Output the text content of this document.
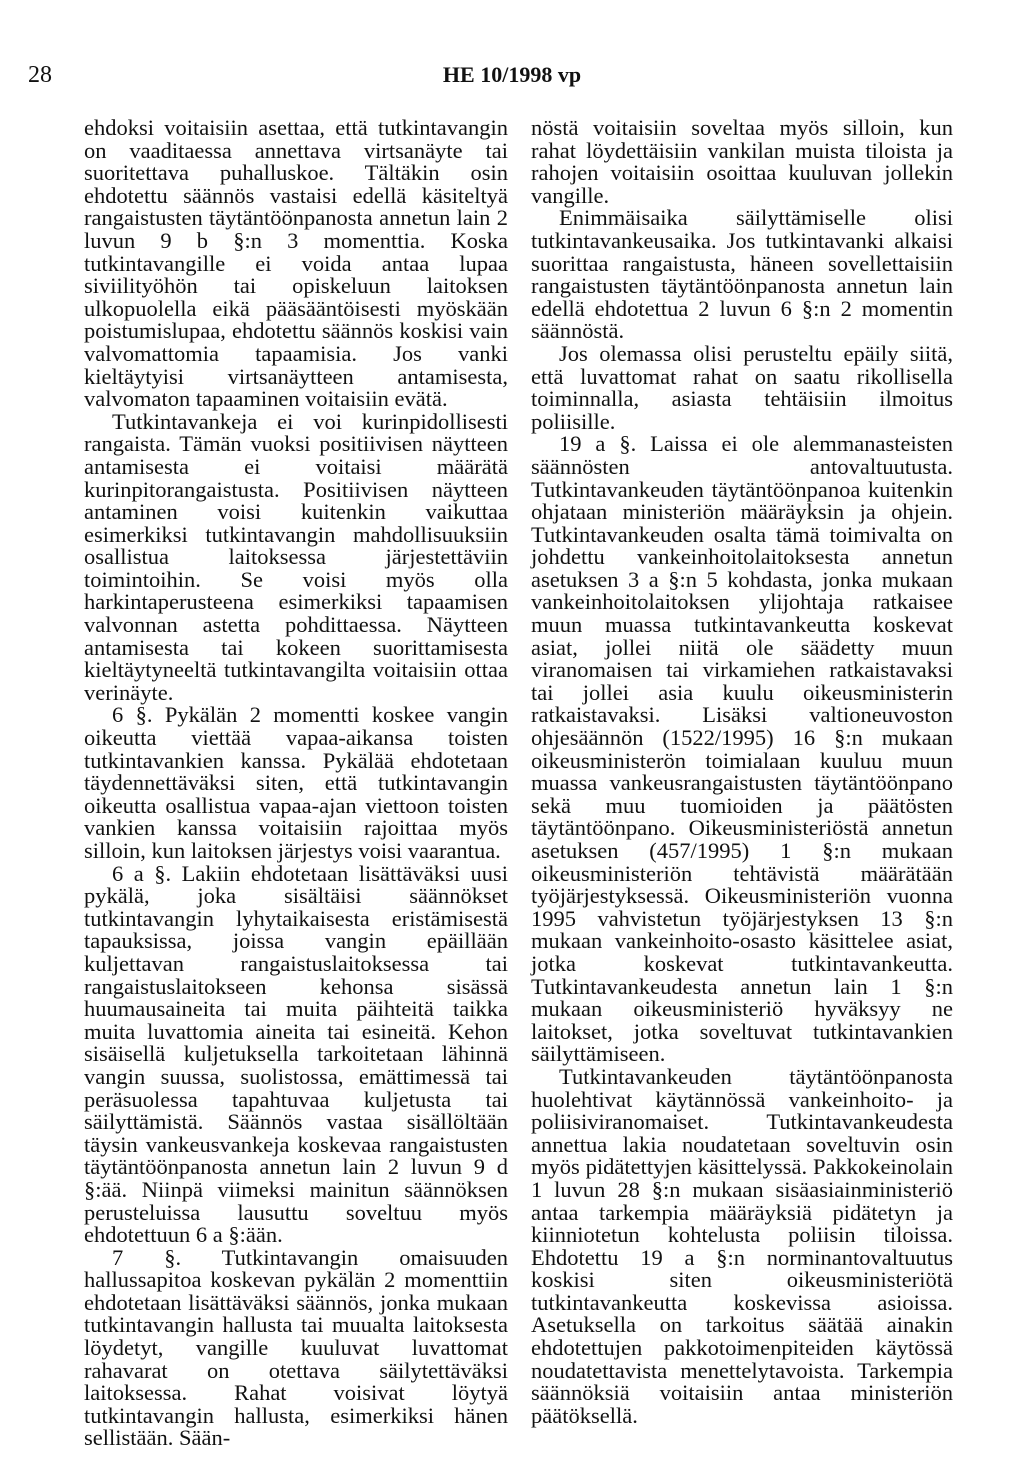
28	HE 10/1998 vp

ehdoksi voitaisiin asettaa, että tutkintavangin on vaaditaessa annettava virtsanäyte tai suoritettava puhalluskoe. Tältäkin osin ehdotettu säännös vastaisi edellä käsiteltyä rangaistusten täytäntöönpanosta annetun lain 2 luvun 9 b §:n 3 momenttia. Koska tutkintavangille ei voida antaa lupaa siviilityöhön tai opiskeluun laitoksen ulkopuolella eikä pääsääntöisesti myöskään poistumislupaa, ehdotettu säännös koskisi vain valvomattomia tapaamisia. Jos vanki kieltäytyisi virtsanäytteen antamisesta, valvomaton tapaaminen voitaisiin evätä.

Tutkintavankeja ei voi kurinpidollisesti rangaista. Tämän vuoksi positiivisen näytteen antamisesta ei voitaisi määrätä kurinpitorangaistusta. Positiivisen näytteen antaminen voisi kuitenkin vaikuttaa esimerkiksi tutkintavangin mahdollisuuksiin osallistua laitoksessa järjestettäviin toimintoihin. Se voisi myös olla harkintaperusteena esimerkiksi tapaamisen valvonnan astetta pohdittaessa. Näytteen antamisesta tai kokeen suorittamisesta kieltäytyneeltä tutkintavangilta voitaisiin ottaa verinäyte.

6 §. Pykälän 2 momentti koskee vangin oikeutta viettää vapaa-aikansa toisten tutkintavankien kanssa. Pykälää ehdotetaan täydennettäväksi siten, että tutkintavangin oikeutta osallistua vapaa-ajan viettoon toisten vankien kanssa voitaisiin rajoittaa myös silloin, kun laitoksen järjestys voisi vaarantua.

6 a §. Lakiin ehdotetaan lisättäväksi uusi pykälä, joka sisältäisi säännökset tutkintavangin lyhytaikaisesta eristämisestä tapauksissa, joissa vangin epäillään kuljettavan rangaistuslaitoksessa tai rangaistuslaitokseen kehonsa sisässä huumausaineita tai muita päihteitä taikka muita luvattomia aineita tai esineitä. Kehon sisäisellä kuljetuksella tarkoitetaan lähinnä vangin suussa, suolistossa, emättimessä tai peräsuolessa tapahtuvaa kuljetusta tai säilyttämistä. Säännös vastaa sisällöltään täysin vankeusvankeja koskevaa rangaistusten täytäntöönpanosta annetun lain 2 luvun 9 d §:ää. Niinpä viimeksi mainitun säännöksen perusteluissa lausuttu soveltuu myös ehdotettuun 6 a §:ään.

7 §. Tutkintavangin omaisuuden hallussapitoa koskevan pykälän 2 momenttiin ehdotetaan lisättäväksi säännös, jonka mukaan tutkintavangin hallusta tai muualta laitoksesta löydetyt, vangille kuuluvat luvattomat rahavarat on otettava säilytettäväksi laitoksessa. Rahat voisivat löytyä tutkintavangin hallusta, esimerkiksi hänen sellistään. Sään-

nöstä voitaisiin soveltaa myös silloin, kun rahat löydettäisiin vankilan muista tiloista ja rahojen voitaisiin osoittaa kuuluvan jollekin vangille.

Enimmäisaika säilyttämiselle olisi tutkintavankeusaika. Jos tutkintavanki alkaisi suorittaa rangaistusta, häneen sovellettaisiin rangaistusten täytäntöönpanosta annetun lain edellä ehdotettua 2 luvun 6 §:n 2 momentin säännöstä.

Jos olemassa olisi perusteltu epäily siitä, että luvattomat rahat on saatu rikollisella toiminnalla, asiasta tehtäisiin ilmoitus poliisille.

19 a §. Laissa ei ole alemmanasteisten säännösten antovaltuutusta. Tutkintavankeuden täytäntöönpanoa kuitenkin ohjataan ministeriön määräyksin ja ohjein. Tutkintavankeuden osalta tämä toimivalta on johdettu vankeinhoitolaitoksesta annetun asetuksen 3 a §:n 5 kohdasta, jonka mukaan vankeinhoitolaitoksen ylijohtaja ratkaisee muun muassa tutkintavankeutta koskevat asiat, jollei niitä ole säädetty muun viranomaisen tai virkamiehen ratkaistavaksi tai jollei asia kuulu oikeusministerin ratkaistavaksi. Lisäksi valtioneuvoston ohjesäännön (1522/1995) 16 §:n mukaan oikeusministerön toimialaan kuuluu muun muassa vankeusrangaistusten täytäntöönpano sekä muu tuomioiden ja päätösten täytäntöönpano. Oikeusministeriöstä annetun asetuksen (457/1995) 1 §:n mukaan oikeusministeriön tehtävistä määrätään työjärjestyksessä. Oikeusministeriön vuonna 1995 vahvistetun työjärjestyksen 13 §:n mukaan vankeinhoito-osasto käsittelee asiat, jotka koskevat tutkintavankeutta. Tutkintavankeudesta annetun lain 1 §:n mukaan oikeusministeriö hyväksyy ne laitokset, jotka soveltuvat tutkintavankien säilyttämiseen.

Tutkintavankeuden täytäntöönpanosta huolehtivat käytännössä vankeinhoito- ja poliisiviranomaiset. Tutkintavankeudesta annettua lakia noudatetaan soveltuvin osin myös pidätettyjen käsittelyssä. Pakkokeinolain 1 luvun 28 §:n mukaan sisäasiainministeriö antaa tarkempia määräyksiä pidätetyn ja kiinniotetun kohtelusta poliisin tiloissa. Ehdotettu 19 a §:n norminantovaltuutus koskisi siten oikeusministeriötä tutkintavankeutta koskevissa asioissa. Asetuksella on tarkoitus säätää ainakin ehdotettujen pakkotoimenpiteiden käytössä noudatettavista menettelytavoista. Tarkempia säännöksiä voitaisiin antaa ministeriön päätöksellä.
